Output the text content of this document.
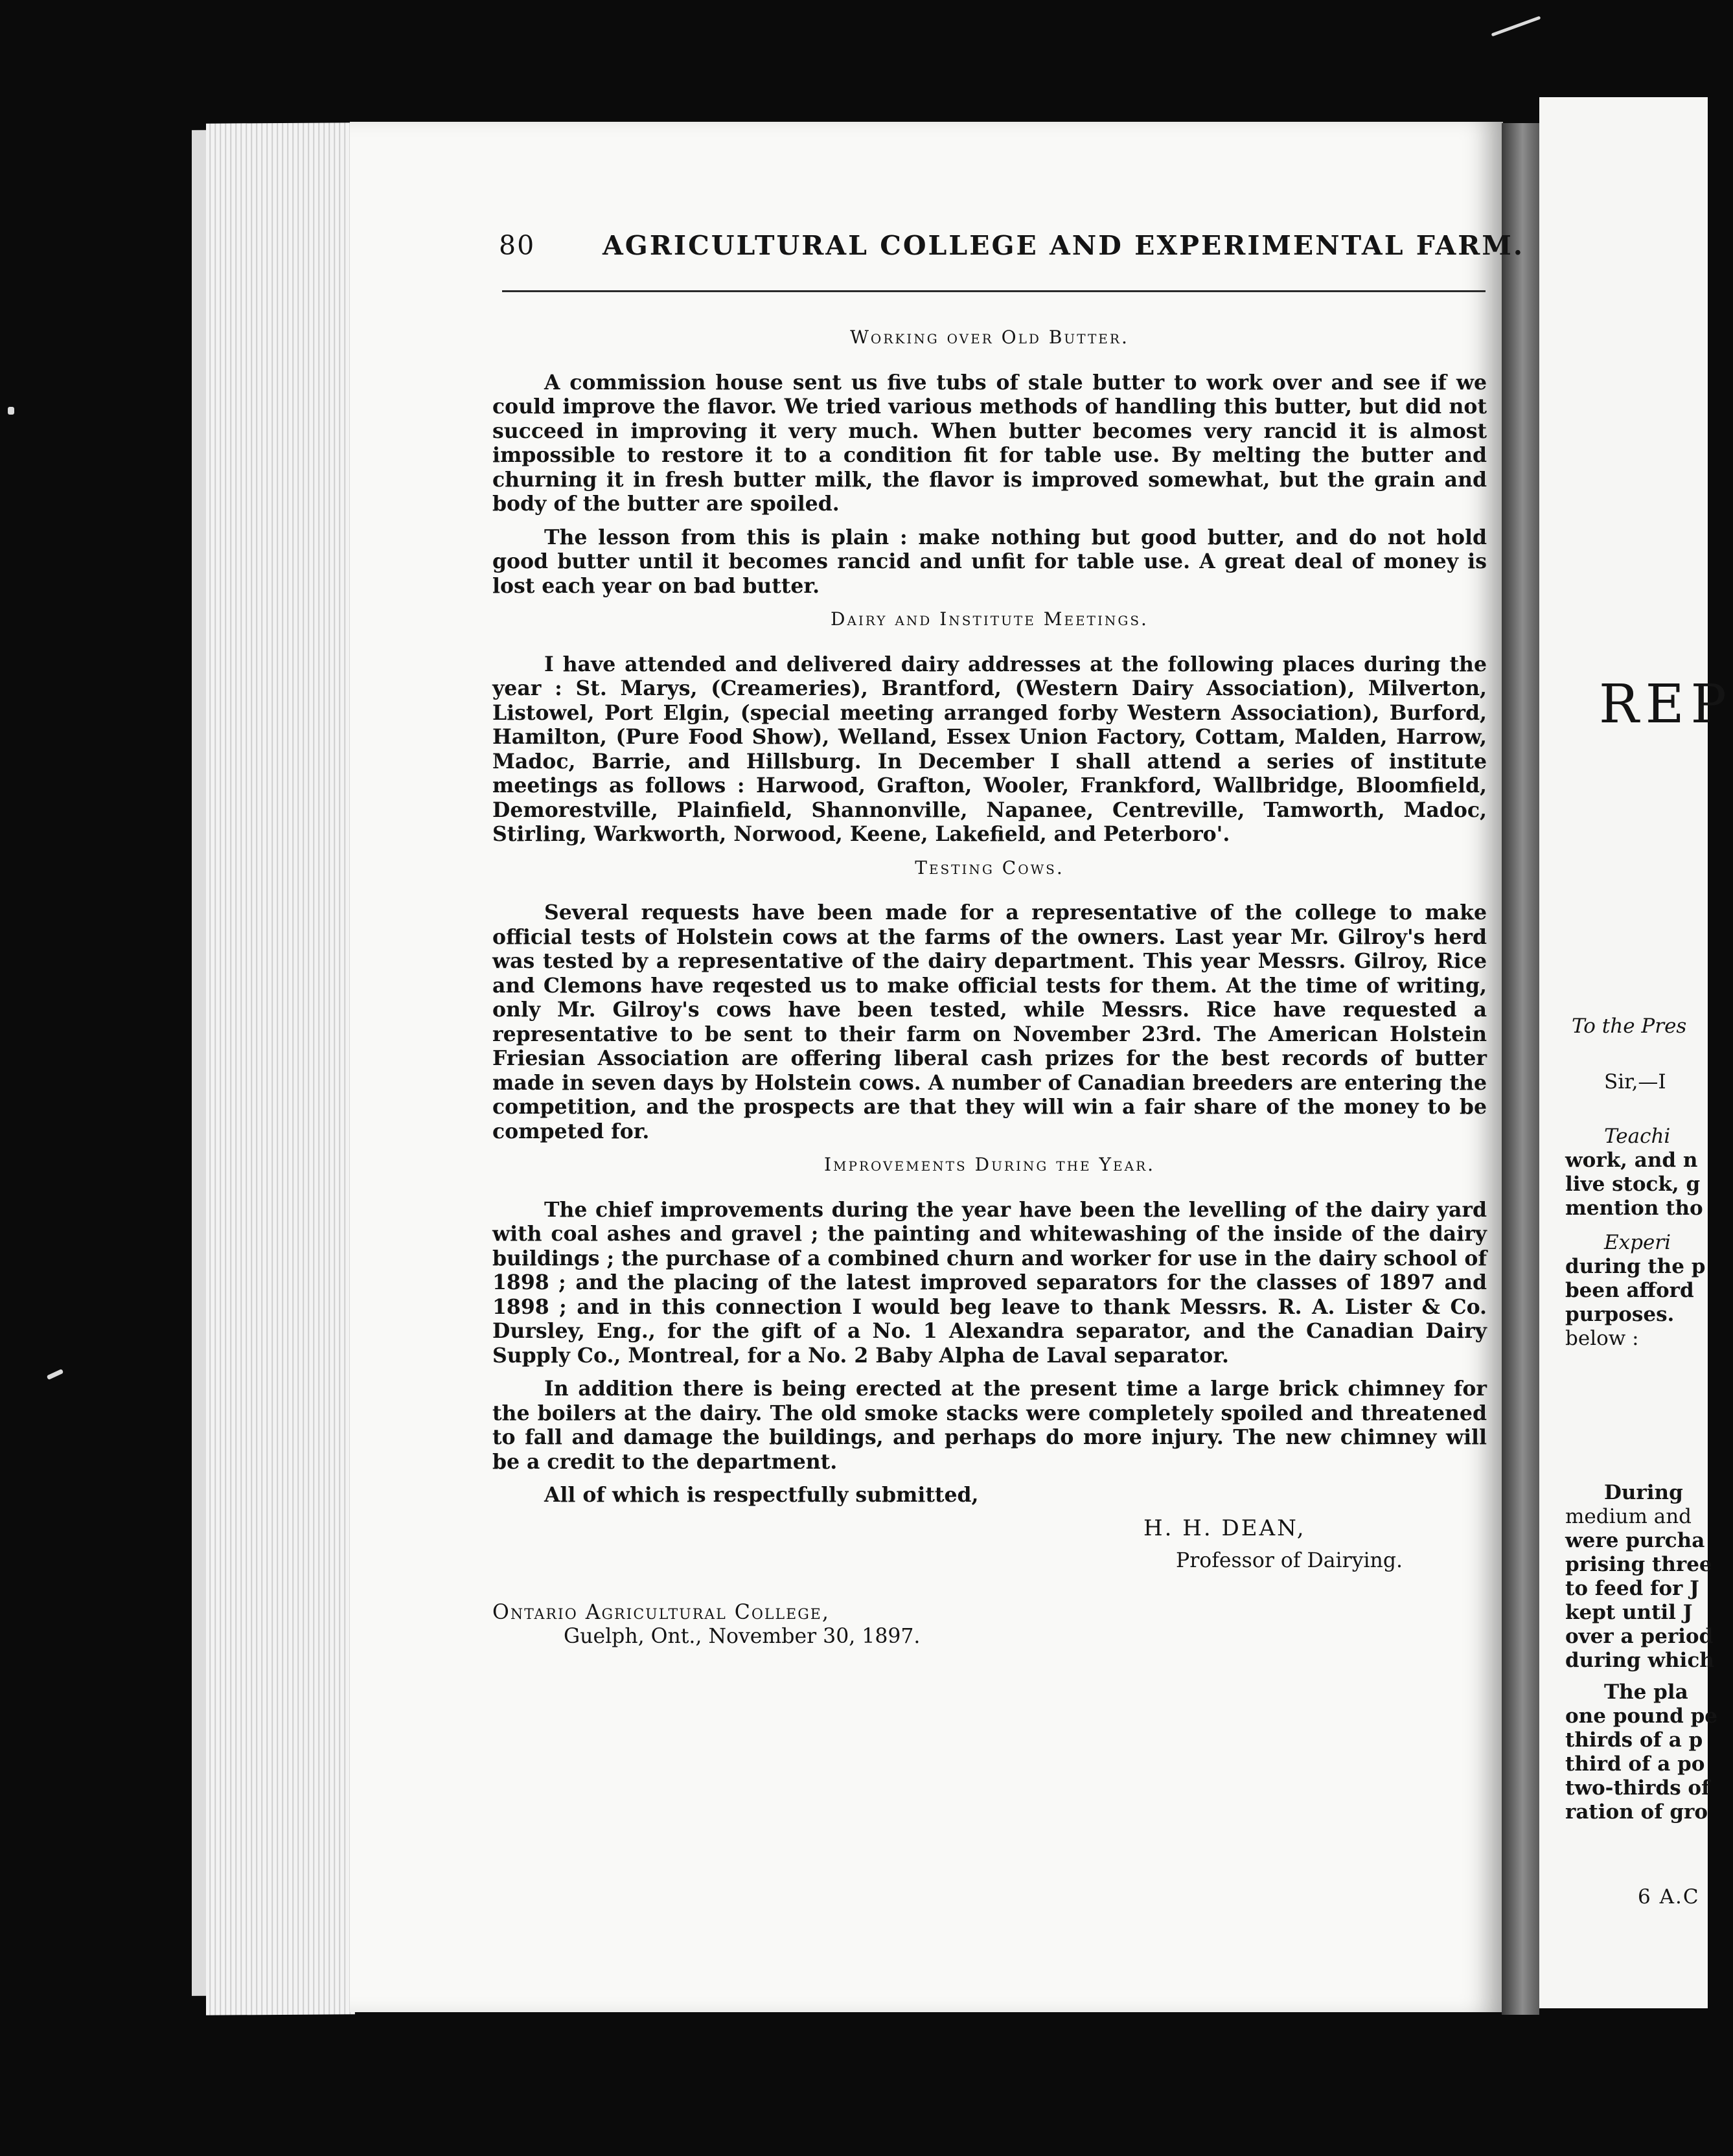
REP
To the Pres
Sir,—I
Teachi
work, and n
live stock, g
mention tho
Experi
during the p
been afford
purposes.
below :
During
medium and
were purcha
prising three
to feed for J
kept until J
over a period
during which
The pla
one pound pe
thirds of a p
third of a po
two-thirds of
ration of gro
6 A.C
80	AGRICULTURAL COLLEGE AND EXPERIMENTAL FARM.
Working over Old Butter.

A commission house sent us five tubs of stale butter to work over and see if we could improve the flavor. We tried various methods of handling this butter, but did not succeed in improving it very much. When butter becomes very rancid it is almost impossible to restore it to a condition fit for table use. By melting the butter and churning it in fresh butter milk, the flavor is improved somewhat, but the grain and body of the butter are spoiled.

The lesson from this is plain : make nothing but good butter, and do not hold good butter until it becomes rancid and unfit for table use. A great deal of money is lost each year on bad butter.

Dairy and Institute Meetings.

I have attended and delivered dairy addresses at the following places during the year : St. Marys, (Creameries), Brantford, (Western Dairy Association), Milverton, Listowel, Port Elgin, (special meeting arranged forby Western Association), Burford, Hamilton, (Pure Food Show), Welland, Essex Union Factory, Cottam, Malden, Harrow, Madoc, Barrie, and Hillsburg. In December I shall attend a series of institute meetings as follows : Harwood, Grafton, Wooler, Frankford, Wallbridge, Bloomfield, Demorestville, Plainfield, Shannonville, Napanee, Centreville, Tamworth, Madoc, Stirling, Warkworth, Norwood, Keene, Lakefield, and Peterboro'.

Testing Cows.

Several requests have been made for a representative of the college to make official tests of Holstein cows at the farms of the owners. Last year Mr. Gilroy's herd was tested by a representative of the dairy department. This year Messrs. Gilroy, Rice and Clemons have reqested us to make official tests for them. At the time of writing, only Mr. Gilroy's cows have been tested, while Messrs. Rice have requested a representative to be sent to their farm on November 23rd. The American Holstein Friesian Association are offering liberal cash prizes for the best records of butter made in seven days by Holstein cows. A number of Canadian breeders are entering the competition, and the prospects are that they will win a fair share of the money to be competed for.

Improvements During the Year.

The chief improvements during the year have been the levelling of the dairy yard with coal ashes and gravel ; the painting and whitewashing of the inside of the dairy buildings ; the purchase of a combined churn and worker for use in the dairy school of 1898 ; and the placing of the latest improved separators for the classes of 1897 and 1898 ; and in this connection I would beg leave to thank Messrs. R. A. Lister & Co. Dursley, Eng., for the gift of a No. 1 Alexandra separator, and the Canadian Dairy Supply Co., Montreal, for a No. 2 Baby Alpha de Laval separator.

In addition there is being erected at the present time a large brick chimney for the boilers at the dairy. The old smoke stacks were completely spoiled and threatened to fall and damage the buildings, and perhaps do more injury. The new chimney will be a credit to the department.

All of which is respectfully submitted,

H. H. DEAN,
Professor of Dairying.
Ontario Agricultural College,
Guelph, Ont., November 30, 1897.
